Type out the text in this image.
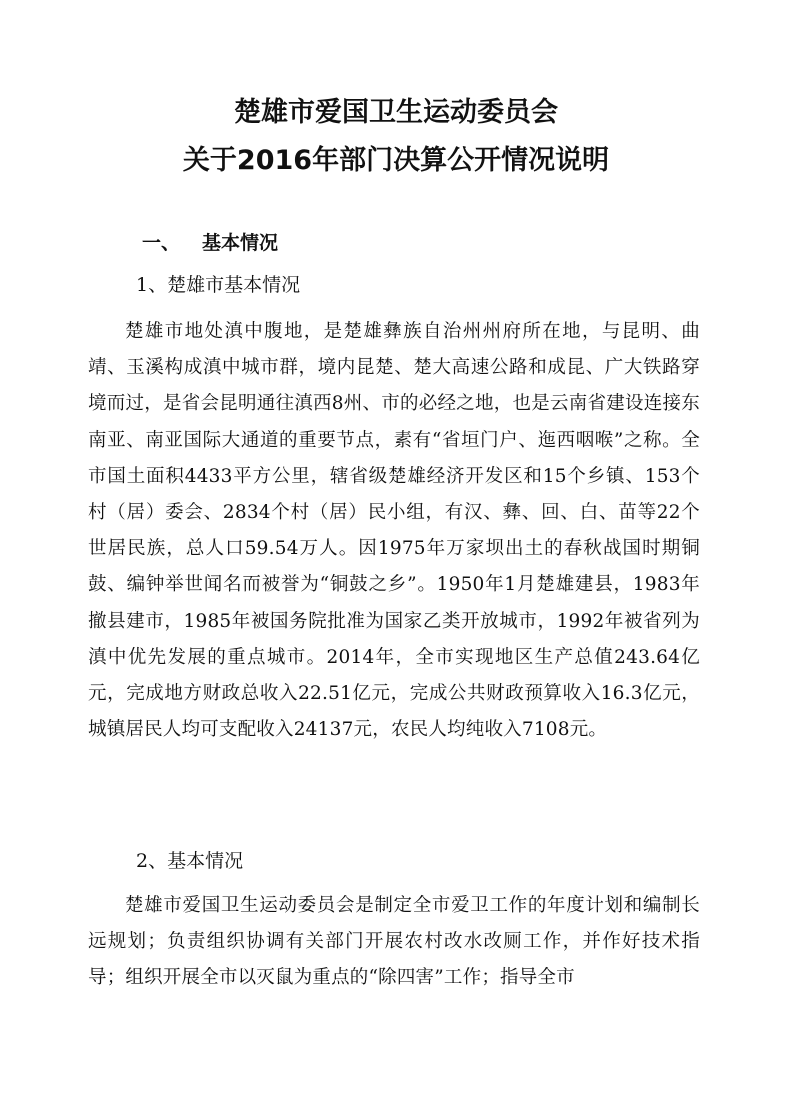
楚雄市爱国卫生运动委员会
关于2016年部门决算公开情况说明
一、 基本情况
1、楚雄市基本情况
楚雄市地处滇中腹地，是楚雄彝族自治州州府所在地，与昆明、曲靖、玉溪构成滇中城市群，境内昆楚、楚大高速公路和成昆、广大铁路穿境而过，是省会昆明通往滇西8州、市的必经之地，也是云南省建设连接东南亚、南亚国际大通道的重要节点，素有“省垣门户、迤西咽喉”之称。全市国土面积4433平方公里，辖省级楚雄经济开发区和15个乡镇、153个村（居）委会、2834个村（居）民小组，有汉、彝、回、白、苗等22个世居民族，总人口59.54万人。因1975年万家坝出土的春秋战国时期铜鼓、编钟举世闻名而被誉为“铜鼓之乡”。1950年1月楚雄建县，1983年撤县建市，1985年被国务院批准为国家乙类开放城市，1992年被省列为滇中优先发展的重点城市。2014年，全市实现地区生产总值243.64亿元，完成地方财政总收入22.51亿元，完成公共财政预算收入16.3亿元，城镇居民人均可支配收入24137元，农民人均纯收入7108元。
2、基本情况
楚雄市爱国卫生运动委员会是制定全市爱卫工作的年度计划和编制长远规划；负责组织协调有关部门开展农村改水改厕工作，并作好技术指导；组织开展全市以灭鼠为重点的“除四害”工作；指导全市
